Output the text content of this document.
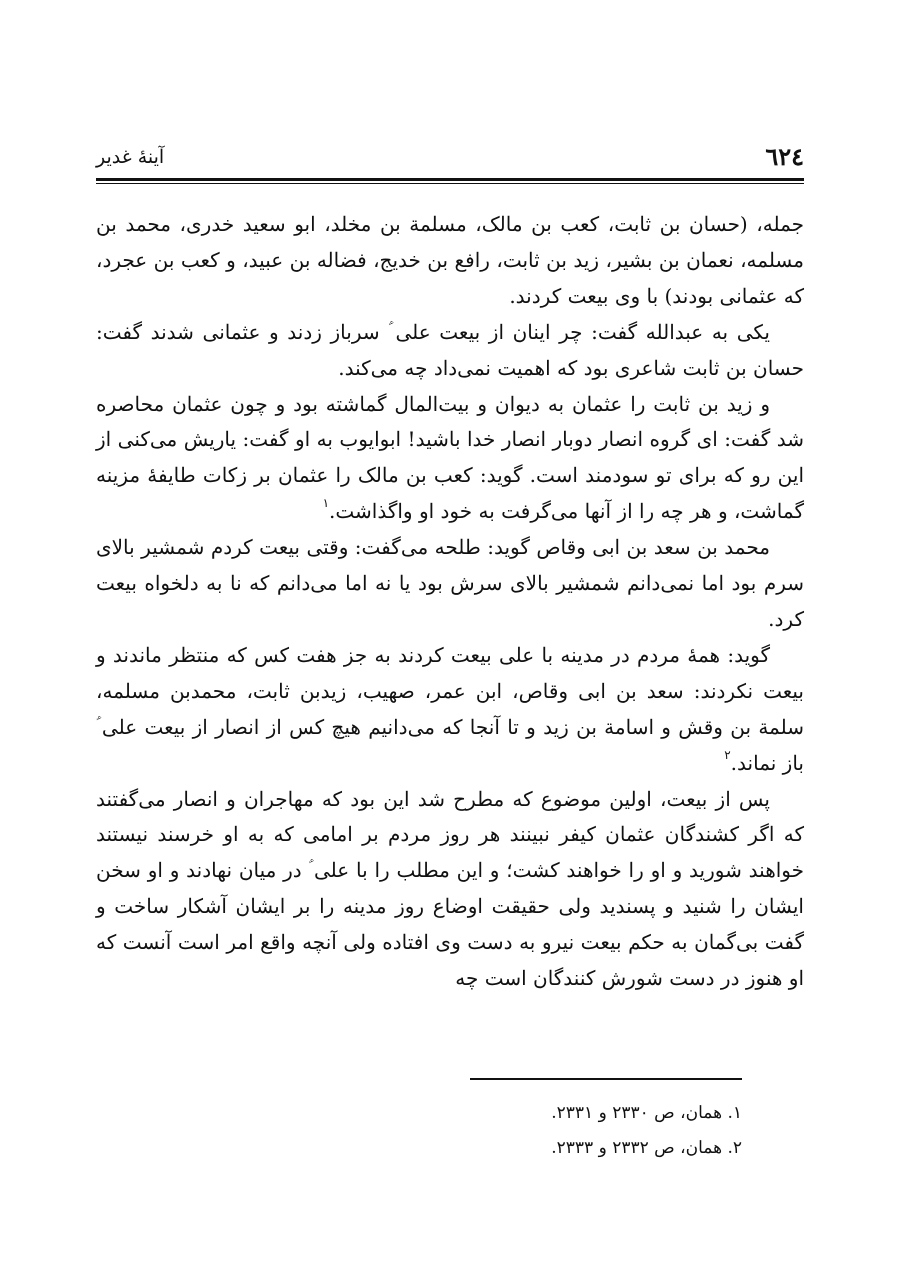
٦٢٤
آینهٔ غدیر

جمله، (حسان بن ثابت، کعب بن مالک، مسلمة بن مخلد، ابو سعید خدری، محمد بن مسلمه، نعمان بن بشیر، زید بن ثابت، رافع بن خدیج، فضاله بن عبید، و کعب بن عجرد، که عثمانی بودند) با وی بیعت کردند.

یکی به عبدالله گفت: چر اینان از بیعت علی ؑ سرباز زدند و عثمانی شدند گفت: حسان بن ثابت شاعری بود که اهمیت نمی‌داد چه می‌کند.

و زید بن ثابت را عثمان به دیوان و بیت‌المال گماشته بود و چون عثمان محاصره شد گفت: ای گروه انصار دوبار انصار خدا باشید! ابوایوب به او گفت: یاریش می‌کنی از این رو که برای تو سودمند است. گوید: کعب بن مالک را عثمان بر زکات طایفهٔ مزینه گماشت، و هر چه را از آنها می‌گرفت به خود او واگذاشت.$^١$

محمد بن سعد بن ابی وقاص گوید: طلحه می‌گفت: وقتی بیعت کردم شمشیر بالای سرم بود اما نمی‌دانم شمشیر بالای سرش بود یا نه اما می‌دانم که نا به دلخواه بیعت کرد.

گوید: همهٔ مردم در مدینه با علی بیعت کردند به جز هفت کس که منتظر ماندند و بیعت نکردند: سعد بن ابی وقاص، ابن عمر، صهیب، زیدبن ثابت، محمدبن مسلمه، سلمة بن وقش و اسامة بن زید و تا آنجا که می‌دانیم هیچ کس از انصار از بیعت علی ؑ باز نماند.$^٢$

پس از بیعت، اولین موضوع که مطرح شد این بود که مهاجران و انصار می‌گفتند که اگر کشندگان عثمان کیفر نبینند هر روز مردم بر امامی که به او خرسند نیستند خواهند شورید و او را خواهند کشت؛ و این مطلب را با علی ؑ در میان نهادند و او سخن ایشان را شنید و پسندید ولی حقیقت اوضاع روز مدینه را بر ایشان آشکار ساخت و گفت بی‌گمان به حکم بیعت نیرو به دست وی افتاده ولی آنچه واقع امر است آنست که او هنوز در دست شورش کنندگان است چه

١. همان، ص ٢٣٣٠ و ٢٣٣١.
٢. همان، ص ٢٣٣٢ و ٢٣٣٣.
